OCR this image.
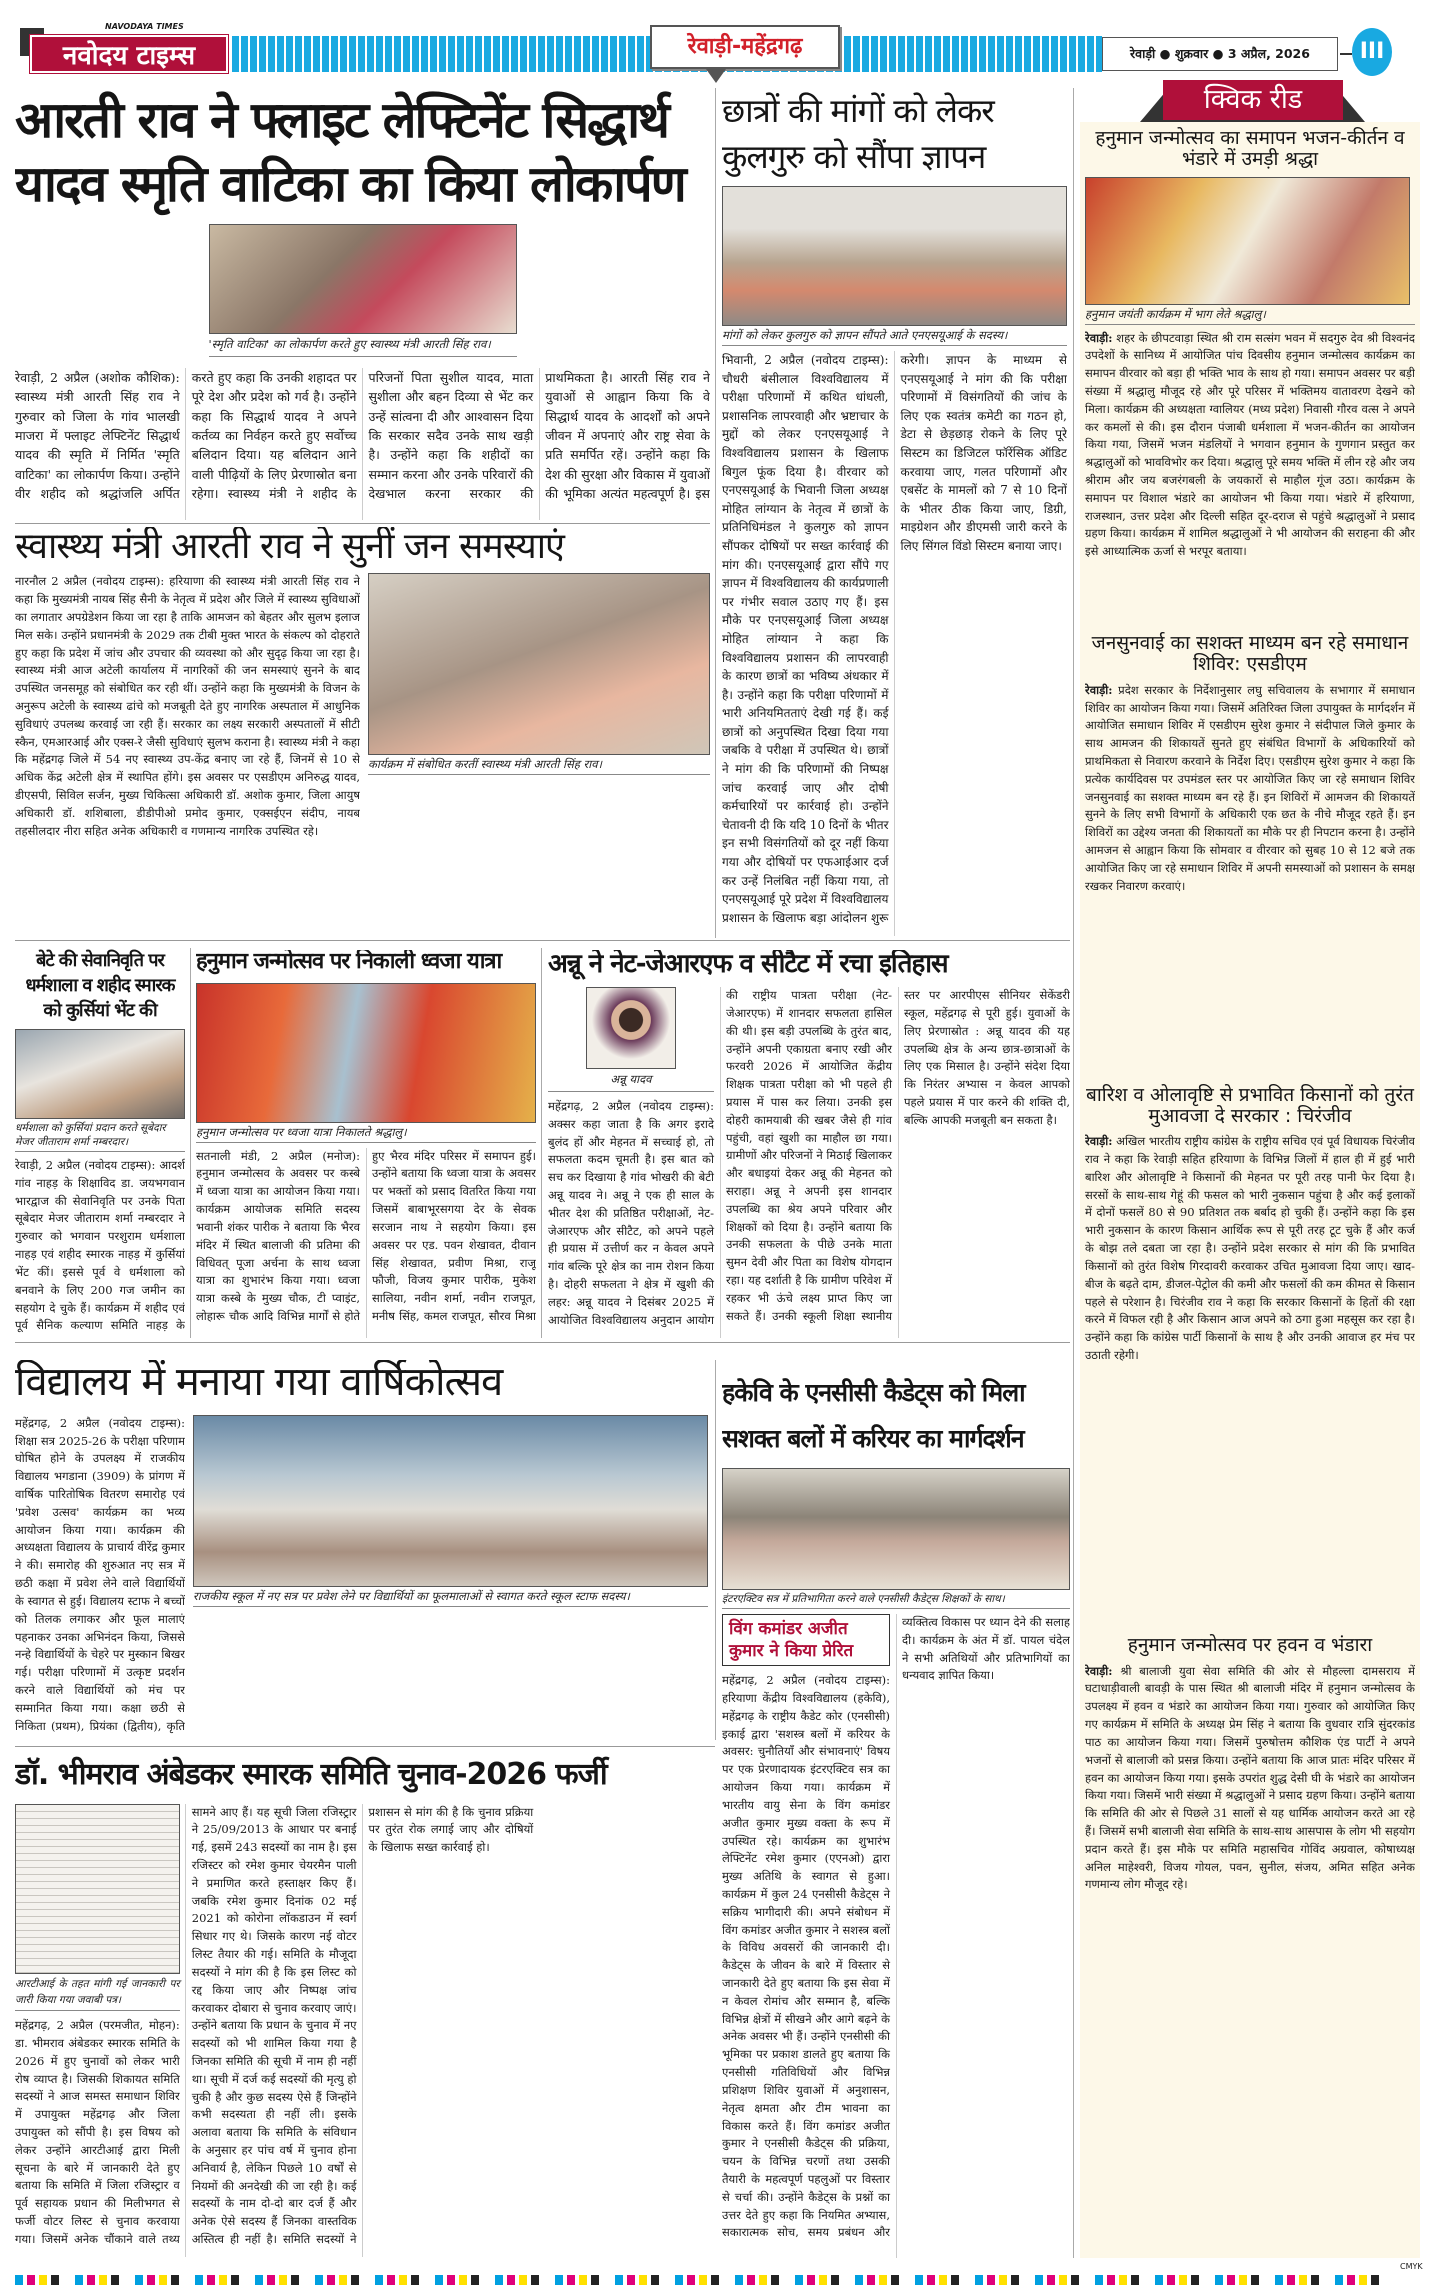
NAVODAYA TIMES
नवोदय टाइम्स	रेवाड़ी-महेंद्रगढ़	रेवाड़ी ● शुक्रवार ● 3 अप्रैल, 2026	III
आरती राव ने फ्लाइट लेफ्टिनेंट सिद्धार्थ यादव स्मृति वाटिका का किया लोकार्पण
'स्मृति वाटिका' का लोकार्पण करते हुए स्वास्थ्य मंत्री आरती सिंह राव।
रेवाड़ी, 2 अप्रैल (अशोक कौशिक): स्वास्थ्य मंत्री आरती सिंह राव ने गुरुवार को जिला के गांव भालखी माजरा में फ्लाइट लेफ्टिनेंट सिद्धार्थ यादव की स्मृति में निर्मित 'स्मृति वाटिका' का लोकार्पण किया। उन्होंने वीर शहीद को श्रद्धांजलि अर्पित करते हुए कहा कि उनकी शहादत पर पूरे देश और प्रदेश को गर्व है। उन्होंने कहा कि सिद्धार्थ यादव ने अपने कर्तव्य का निर्वहन करते हुए सर्वोच्च बलिदान दिया। यह बलिदान आने वाली पीढ़ियों के लिए प्रेरणास्रोत बना रहेगा। स्वास्थ्य मंत्री ने शहीद के परिजनों पिता सुशील यादव, माता सुशीला और बहन दिव्या से भेंट कर उन्हें सांत्वना दी और आश्वासन दिया कि सरकार सदैव उनके साथ खड़ी है। उन्होंने कहा कि शहीदों का सम्मान करना और उनके परिवारों की देखभाल करना सरकार की प्राथमिकता है। आरती सिंह राव ने युवाओं से आह्वान किया कि वे सिद्धार्थ यादव के आदर्शों को अपने जीवन में अपनाएं और राष्ट्र सेवा के प्रति समर्पित रहें। उन्होंने कहा कि देश की सुरक्षा और विकास में युवाओं की भूमिका अत्यंत महत्वपूर्ण है। इस
स्वास्थ्य मंत्री आरती राव ने सुनीं जन समस्याएं
नारनौल 2 अप्रैल (नवोदय टाइम्स): हरियाणा की स्वास्थ्य मंत्री आरती सिंह राव ने कहा कि मुख्यमंत्री नायब सिंह सैनी के नेतृत्व में प्रदेश और जिले में स्वास्थ्य सुविधाओं का लगातार अपग्रेडेशन किया जा रहा है ताकि आमजन को बेहतर और सुलभ इलाज मिल सके। उन्होंने प्रधानमंत्री के 2029 तक टीबी मुक्त भारत के संकल्प को दोहराते हुए कहा कि प्रदेश में जांच और उपचार की व्यवस्था को और सुदृढ़ किया जा रहा है। स्वास्थ्य मंत्री आज अटेली कार्यालय में नागरिकों की जन समस्याएं सुनने के बाद उपस्थित जनसमूह को संबोधित कर रही थीं। उन्होंने कहा कि मुख्यमंत्री के विजन के अनुरूप अटेली के स्वास्थ्य ढांचे को मजबूती देते हुए नागरिक अस्पताल में आधुनिक सुविधाएं उपलब्ध करवाई जा रही हैं। सरकार का लक्ष्य सरकारी अस्पतालों में सीटी स्कैन, एमआरआई और एक्स-रे जैसी सुविधाएं सुलभ कराना है। स्वास्थ्य मंत्री ने कहा कि महेंद्रगढ़ जिले में 54 नए स्वास्थ्य उप-केंद्र बनाए जा रहे हैं, जिनमें से 10 से अधिक केंद्र अटेली क्षेत्र में स्थापित होंगे। इस अवसर पर एसडीएम अनिरुद्ध यादव, डीएसपी, सिविल सर्जन, मुख्य चिकित्सा अधिकारी डॉ. अशोक कुमार, जिला आयुष अधिकारी डॉ. शशिबाला, डीडीपीओ प्रमोद कुमार, एक्सईएन संदीप, नायब तहसीलदार नीरा सहित अनेक अधिकारी व गणमान्य नागरिक उपस्थित रहे।
कार्यक्रम में संबोधित करतीं स्वास्थ्य मंत्री आरती सिंह राव।
छात्रों की मांगों को लेकर कुलगुरु को सौंपा ज्ञापन
मांगों को लेकर कुलगुरु को ज्ञापन सौंपते आते एनएसयूआई के सदस्य।
भिवानी, 2 अप्रैल (नवोदय टाइम्स): चौधरी बंसीलाल विश्वविद्यालय में परीक्षा परिणामों में कथित धांधली, प्रशासनिक लापरवाही और भ्रष्टाचार के मुद्दों को लेकर एनएसयूआई ने विश्वविद्यालय प्रशासन के खिलाफ बिगुल फूंक दिया है। वीरवार को एनएसयूआई के भिवानी जिला अध्यक्ष मोहित लांग्यान के नेतृत्व में छात्रों के प्रतिनिधिमंडल ने कुलगुरु को ज्ञापन सौंपकर दोषियों पर सख्त कार्रवाई की मांग की। एनएसयूआई द्वारा सौंपे गए ज्ञापन में विश्वविद्यालय की कार्यप्रणाली पर गंभीर सवाल उठाए गए हैं। इस मौके पर एनएसयूआई जिला अध्यक्ष मोहित लांग्यान ने कहा कि विश्वविद्यालय प्रशासन की लापरवाही के कारण छात्रों का भविष्य अंधकार में है। उन्होंने कहा कि परीक्षा परिणामों में भारी अनियमितताएं देखी गई हैं। कई छात्रों को अनुपस्थित दिखा दिया गया जबकि वे परीक्षा में उपस्थित थे। छात्रों ने मांग की कि परिणामों की निष्पक्ष जांच करवाई जाए और दोषी कर्मचारियों पर कार्रवाई हो। उन्होंने चेतावनी दी कि यदि 10 दिनों के भीतर इन सभी विसंगतियों को दूर नहीं किया गया और दोषियों पर एफआईआर दर्ज कर उन्हें निलंबित नहीं किया गया, तो एनएसयूआई पूरे प्रदेश में विश्वविद्यालय प्रशासन के खिलाफ बड़ा आंदोलन शुरू करेगी। ज्ञापन के माध्यम से एनएसयूआई ने मांग की कि परीक्षा परिणामों में विसंगतियों की जांच के लिए एक स्वतंत्र कमेटी का गठन हो, डेटा से छेड़छाड़ रोकने के लिए पूरे सिस्टम का डिजिटल फॉरेंसिक ऑडिट करवाया जाए, गलत परिणामों और एबसेंट के मामलों को 7 से 10 दिनों के भीतर ठीक किया जाए, डिग्री, माइग्रेशन और डीएमसी जारी करने के लिए सिंगल विंडो सिस्टम बनाया जाए।
क्विक रीड
हनुमान जन्मोत्सव का समापन भजन-कीर्तन व भंडारे में उमड़ी श्रद्धा
हनुमान जयंती कार्यक्रम में भाग लेते श्रद्धालु।
रेवाड़ी: शहर के छीपटवाड़ा स्थित श्री राम सत्संग भवन में सदगुरु देव श्री विश्वनंद उपदेशों के सानिध्य में आयोजित पांच दिवसीय हनुमान जन्मोत्सव कार्यक्रम का समापन वीरवार को बड़ा ही भक्ति भाव के साथ हो गया। समापन अवसर पर बड़ी संख्या में श्रद्धालु मौजूद रहे और पूरे परिसर में भक्तिमय वातावरण देखने को मिला। कार्यक्रम की अध्यक्षता ग्वालियर (मध्य प्रदेश) निवासी गौरव वत्स ने अपने कर कमलों से की। इस दौरान पंजाबी धर्मशाला में भजन-कीर्तन का आयोजन किया गया, जिसमें भजन मंडलियों ने भगवान हनुमान के गुणगान प्रस्तुत कर श्रद्धालुओं को भावविभोर कर दिया। श्रद्धालु पूरे समय भक्ति में लीन रहे और जय श्रीराम और जय बजरंगबली के जयकारों से माहौल गूंज उठा। कार्यक्रम के समापन पर विशाल भंडारे का आयोजन भी किया गया। भंडारे में हरियाणा, राजस्थान, उत्तर प्रदेश और दिल्ली सहित दूर-दराज से पहुंचे श्रद्धालुओं ने प्रसाद ग्रहण किया। कार्यक्रम में शामिल श्रद्धालुओं ने भी आयोजन की सराहना की और इसे आध्यात्मिक ऊर्जा से भरपूर बताया।
जनसुनवाई का सशक्त माध्यम बन रहे समाधान शिविर: एसडीएम
रेवाड़ी: प्रदेश सरकार के निर्देशानुसार लघु सचिवालय के सभागार में समाधान शिविर का आयोजन किया गया। जिसमें अतिरिक्त जिला उपायुक्त के मार्गदर्शन में आयोजित समाधान शिविर में एसडीएम सुरेश कुमार ने संदीपाल जिले कुमार के साथ आमजन की शिकायतें सुनते हुए संबंधित विभागों के अधिकारियों को प्राथमिकता से निवारण करवाने के निर्देश दिए। एसडीएम सुरेश कुमार ने कहा कि प्रत्येक कार्यदिवस पर उपमंडल स्तर पर आयोजित किए जा रहे समाधान शिविर जनसुनवाई का सशक्त माध्यम बन रहे हैं। इन शिविरों में आमजन की शिकायतें सुनने के लिए सभी विभागों के अधिकारी एक छत के नीचे मौजूद रहते हैं। इन शिविरों का उद्देश्य जनता की शिकायतों का मौके पर ही निपटान करना है। उन्होंने आमजन से आह्वान किया कि सोमवार व वीरवार को सुबह 10 से 12 बजे तक आयोजित किए जा रहे समाधान शिविर में अपनी समस्याओं को प्रशासन के समक्ष रखकर निवारण करवाएं।
बारिश व ओलावृष्टि से प्रभावित किसानों को तुरंत मुआवजा दे सरकार : चिरंजीव
रेवाड़ी: अखिल भारतीय राष्ट्रीय कांग्रेस के राष्ट्रीय सचिव एवं पूर्व विधायक चिरंजीव राव ने कहा कि रेवाड़ी सहित हरियाणा के विभिन्न जिलों में हाल ही में हुई भारी बारिश और ओलावृष्टि ने किसानों की मेहनत पर पूरी तरह पानी फेर दिया है। सरसों के साथ-साथ गेहूं की फसल को भारी नुकसान पहुंचा है और कई इलाकों में दोनों फसलें 80 से 90 प्रतिशत तक बर्बाद हो चुकी हैं। उन्होंने कहा कि इस भारी नुकसान के कारण किसान आर्थिक रूप से पूरी तरह टूट चुके हैं और कर्ज के बोझ तले दबता जा रहा है। उन्होंने प्रदेश सरकार से मांग की कि प्रभावित किसानों को तुरंत विशेष गिरदावरी करवाकर उचित मुआवजा दिया जाए। खाद-बीज के बढ़ते दाम, डीजल-पेट्रोल की कमी और फसलों की कम कीमत से किसान पहले से परेशान है। चिरंजीव राव ने कहा कि सरकार किसानों के हितों की रक्षा करने में विफल रही है और किसान आज अपने को ठगा हुआ महसूस कर रहा है। उन्होंने कहा कि कांग्रेस पार्टी किसानों के साथ है और उनकी आवाज हर मंच पर उठाती रहेगी।
हनुमान जन्मोत्सव पर हवन व भंडारा
रेवाड़ी: श्री बालाजी युवा सेवा समिति की ओर से मौहल्ला दामसराय में घटाधाड़ीवाली बावड़ी के पास स्थित श्री बालाजी मंदिर में हनुमान जन्मोत्सव के उपलक्ष्य में हवन व भंडारे का आयोजन किया गया। गुरुवार को आयोजित किए गए कार्यक्रम में समिति के अध्यक्ष प्रेम सिंह ने बताया कि वुधवार रात्रि सुंदरकांड पाठ का आयोजन किया गया। जिसमें पुरुषोत्तम कौशिक एंड पार्टी ने अपने भजनों से बालाजी को प्रसन्न किया। उन्होंने बताया कि आज प्रातः मंदिर परिसर में हवन का आयोजन किया गया। इसके उपरांत शुद्ध देसी घी के भंडारे का आयोजन किया गया। जिसमें भारी संख्या में श्रद्धालुओं ने प्रसाद ग्रहण किया। उन्होंने बताया कि समिति की ओर से पिछले 31 सालों से यह धार्मिक आयोजन करते आ रहे हैं। जिसमें सभी बालाजी सेवा समिति के साथ-साथ आसपास के लोग भी सहयोग प्रदान करते हैं। इस मौके पर समिति महासचिव गोविंद अग्रवाल, कोषाध्यक्ष अनिल माहेश्वरी, विजय गोयल, पवन, सुनील, संजय, अमित सहित अनेक गणमान्य लोग मौजूद रहे।
बेटे की सेवानिवृति पर धर्मशाला व शहीद स्मारक को कुर्सियां भेंट की
धर्मशाला को कुर्सियां प्रदान करते सूबेदार मेजर जीताराम शर्मा नम्बरदार।
रेवाड़ी, 2 अप्रैल (नवोदय टाइम्स): आदर्श गांव नाहड़ के शिक्षाविद डा. जयभगवान भारद्वाज की सेवानिवृति पर उनके पिता सूबेदार मेजर जीताराम शर्मा नम्बरदार ने गुरुवार को भगवान परशुराम धर्मशाला नाहड़ एवं शहीद स्मारक नाहड़ में कुर्सियां भेंट कीं। इससे पूर्व वे धर्मशाला को बनवाने के लिए 200 गज जमीन का सहयोग दे चुके हैं। कार्यक्रम में शहीद एवं पूर्व सैनिक कल्याण समिति नाहड़ के
हनुमान जन्मोत्सव पर निकाली ध्वजा यात्रा
हनुमान जन्मोत्सव पर ध्वजा यात्रा निकालते श्रद्धालु।
सतनाली मंडी, 2 अप्रैल (मनोज): हनुमान जन्मोत्सव के अवसर पर कस्बे में ध्वजा यात्रा का आयोजन किया गया। कार्यक्रम आयोजक समिति सदस्य भवानी शंकर पारीक ने बताया कि भैरव मंदिर में स्थित बालाजी की प्रतिमा की विधिवत् पूजा अर्चना के साथ ध्वजा यात्रा का शुभारंभ किया गया। ध्वजा यात्रा कस्बे के मुख्य चौक, टी प्वाइंट, लोहारू चौक आदि विभिन्न मार्गों से होते हुए भैरव मंदिर परिसर में समापन हुई। उन्होंने बताया कि ध्वजा यात्रा के अवसर पर भक्तों को प्रसाद वितरित किया गया जिसमें बाबाभूरसगया देर के सेवक सरजान नाथ ने सहयोग किया। इस अवसर पर एड. पवन शेखावत, दीवान सिंह शेखावत, प्रवीण मिश्रा, राजू फौजी, विजय कुमार पारीक, मुकेश सालिया, नवीन शर्मा, नवीन राजपूत, मनीष सिंह, कमल राजपूत, सौरव मिश्रा
अन्नू ने नेट-जेआरएफ व सीटैट में रचा इतिहास
अन्नू यादव
महेंद्रगढ़, 2 अप्रैल (नवोदय टाइम्स): अक्सर कहा जाता है कि अगर इरादे बुलंद हों और मेहनत में सच्चाई हो, तो सफलता कदम चूमती है। इस बात को सच कर दिखाया है गांव भोखरी की बेटी अन्नू यादव ने। अन्नू ने एक ही साल के भीतर देश की प्रतिष्ठित परीक्षाओं, नेट-जेआरएफ और सीटैट, को अपने पहले ही प्रयास में उत्तीर्ण कर न केवल अपने गांव बल्कि पूरे क्षेत्र का नाम रोशन किया है। दोहरी सफलता ने क्षेत्र में खुशी की लहर: अन्नू यादव ने दिसंबर 2025 में आयोजित विश्वविद्यालय अनुदान आयोग की राष्ट्रीय पात्रता परीक्षा (नेट-जेआरएफ) में शानदार सफलता हासिल की थी। इस बड़ी उपलब्धि के तुरंत बाद, उन्होंने अपनी एकाग्रता बनाए रखी और फरवरी 2026 में आयोजित केंद्रीय शिक्षक पात्रता परीक्षा को भी पहले ही प्रयास में पास कर लिया। उनकी इस दोहरी कामयाबी की खबर जैसे ही गांव पहुंची, वहां खुशी का माहौल छा गया। ग्रामीणों और परिजनों ने मिठाई खिलाकर और बधाइयां देकर अन्नू की मेहनत को सराहा। अन्नू ने अपनी इस शानदार उपलब्धि का श्रेय अपने परिवार और शिक्षकों को दिया है। उन्होंने बताया कि उनकी सफलता के पीछे उनके माता सुमन देवी और पिता का विशेष योगदान रहा। यह दर्शाती है कि ग्रामीण परिवेश में रहकर भी ऊंचे लक्ष्य प्राप्त किए जा सकते हैं। उनकी स्कूली शिक्षा स्थानीय स्तर पर आरपीएस सीनियर सेकेंडरी स्कूल, महेंद्रगढ़ से पूरी हुई। युवाओं के लिए प्रेरणास्रोत : अन्नू यादव की यह उपलब्धि क्षेत्र के अन्य छात्र-छात्राओं के लिए एक मिसाल है। उन्होंने संदेश दिया कि निरंतर अभ्यास न केवल आपको पहले प्रयास में पार करने की शक्ति दी, बल्कि आपकी मजबूती बन सकता है।
विद्यालय में मनाया गया वार्षिकोत्सव
महेंद्रगढ़, 2 अप्रैल (नवोदय टाइम्स): शिक्षा सत्र 2025-26 के परीक्षा परिणाम घोषित होने के उपलक्ष्य में राजकीय विद्यालय भगडाना (3909) के प्रांगण में वार्षिक पारितोषिक वितरण समारोह एवं 'प्रवेश उत्सव' कार्यक्रम का भव्य आयोजन किया गया। कार्यक्रम की अध्यक्षता विद्यालय के प्राचार्य वीरेंद्र कुमार ने की। समारोह की शुरुआत नए सत्र में छठी कक्षा में प्रवेश लेने वाले विद्यार्थियों के स्वागत से हुई। विद्यालय स्टाफ ने बच्चों को तिलक लगाकर और फूल मालाएं पहनाकर उनका अभिनंदन किया, जिससे नन्हे विद्यार्थियों के चेहरे पर मुस्कान बिखर गई। परीक्षा परिणामों में उत्कृष्ट प्रदर्शन करने वाले विद्यार्थियों को मंच पर सम्मानित किया गया। कक्षा छठी से निकिता (प्रथम), प्रियंका (द्वितीय), कृति
राजकीय स्कूल में नए सत्र पर प्रवेश लेने पर विद्यार्थियों का फूलमालाओं से स्वागत करते स्कूल स्टाफ सदस्य।
हकेवि के एनसीसी कैडेट्स को मिला सशक्त बलों में करियर का मार्गदर्शन
इंटरएक्टिव सत्र में प्रतिभागिता करने वाले एनसीसी कैडेट्स शिक्षकों के साथ।
विंग कमांडर अजीत कुमार ने किया प्रेरित
महेंद्रगढ़, 2 अप्रैल (नवोदय टाइम्स): हरियाणा केंद्रीय विश्वविद्यालय (हकेवि), महेंद्रगढ़ के राष्ट्रीय कैडेट कोर (एनसीसी) इकाई द्वारा 'सशस्त्र बलों में करियर के अवसर: चुनौतियाँ और संभावनाएं' विषय पर एक प्रेरणादायक इंटरएक्टिव सत्र का आयोजन किया गया। कार्यक्रम में भारतीय वायु सेना के विंग कमांडर अजीत कुमार मुख्य वक्ता के रूप में उपस्थित रहे। कार्यक्रम का शुभारंभ लेफ्टिनेंट रमेश कुमार (एएनओ) द्वारा मुख्य अतिथि के स्वागत से हुआ। कार्यक्रम में कुल 24 एनसीसी कैडेट्स ने सक्रिय भागीदारी की। अपने संबोधन में विंग कमांडर अजीत कुमार ने सशस्त्र बलों के विविध अवसरों की जानकारी दी। कैडेट्स के जीवन के बारे में विस्तार से जानकारी देते हुए बताया कि इस सेवा में न केवल रोमांच और सम्मान है, बल्कि विभिन्न क्षेत्रों में सीखने और आगे बढ़ने के अनेक अवसर भी हैं। उन्होंने एनसीसी की भूमिका पर प्रकाश डालते हुए बताया कि एनसीसी गतिविधियों और विभिन्न प्रशिक्षण शिविर युवाओं में अनुशासन, नेतृत्व क्षमता और टीम भावना का विकास करते हैं। विंग कमांडर अजीत कुमार ने एनसीसी कैडेट्स की प्रक्रिया, चयन के विभिन्न चरणों तथा उसकी तैयारी के महत्वपूर्ण पहलुओं पर विस्तार से चर्चा की। उन्होंने कैडेट्स के प्रश्नों का उत्तर देते हुए कहा कि नियमित अभ्यास, सकारात्मक सोच, समय प्रबंधन और व्यक्तित्व विकास पर ध्यान देने की सलाह दी। कार्यक्रम के अंत में डॉ. पायल चंदेल ने सभी अतिथियों और प्रतिभागियों का धन्यवाद ज्ञापित किया।
डॉ. भीमराव अंबेडकर स्मारक समिति चुनाव-2026 फर्जी
आरटीआई के तहत मांगी गई जानकारी पर जारी किया गया जवाबी पत्र।
महेंद्रगढ़, 2 अप्रैल (परमजीत, मोहन): डा. भीमराव अंबेडकर स्मारक समिति के 2026 में हुए चुनावों को लेकर भारी रोष व्याप्त है। जिसकी शिकायत समिति सदस्यों ने आज समस्त समाधान शिविर में उपायुक्त महेंद्रगढ़ और जिला उपायुक्त को सौंपी है। इस विषय को लेकर उन्होंने आरटीआई द्वारा मिली सूचना के बारे में जानकारी देते हुए बताया कि समिति में जिला रजिस्ट्रार व पूर्व सहायक प्रधान की मिलीभगत से फर्जी वोटर लिस्ट से चुनाव करवाया गया। जिसमें अनेक चौंकाने वाले तथ्य सामने आए हैं। यह सूची जिला रजिस्ट्रार ने 25/09/2013 के आधार पर बनाई गई, इसमें 243 सदस्यों का नाम है। इस रजिस्टर को रमेश कुमार चेयरमैन पाली ने प्रमाणित करते हस्ताक्षर किए हैं। जबकि रमेश कुमार दिनांक 02 मई 2021 को कोरोना लॉकडाउन में स्वर्ग सिधार गए थे। जिसके कारण नई वोटर लिस्ट तैयार की गई। समिति के मौजूदा सदस्यों ने मांग की है कि इस लिस्ट को रद्द किया जाए और निष्पक्ष जांच करवाकर दोबारा से चुनाव करवाए जाएं। उन्होंने बताया कि प्रधान के चुनाव में नए सदस्यों को भी शामिल किया गया है जिनका समिति की सूची में नाम ही नहीं था। सूची में दर्ज कई सदस्यों की मृत्यु हो चुकी है और कुछ सदस्य ऐसे हैं जिन्होंने कभी सदस्यता ही नहीं ली। इसके अलावा बताया कि समिति के संविधान के अनुसार हर पांच वर्ष में चुनाव होना अनिवार्य है, लेकिन पिछले 10 वर्षों से नियमों की अनदेखी की जा रही है। कई सदस्यों के नाम दो-दो बार दर्ज हैं और अनेक ऐसे सदस्य हैं जिनका वास्तविक अस्तित्व ही नहीं है। समिति सदस्यों ने प्रशासन से मांग की है कि चुनाव प्रक्रिया पर तुरंत रोक लगाई जाए और दोषियों के खिलाफ सख्त कार्रवाई हो।
CMYK
